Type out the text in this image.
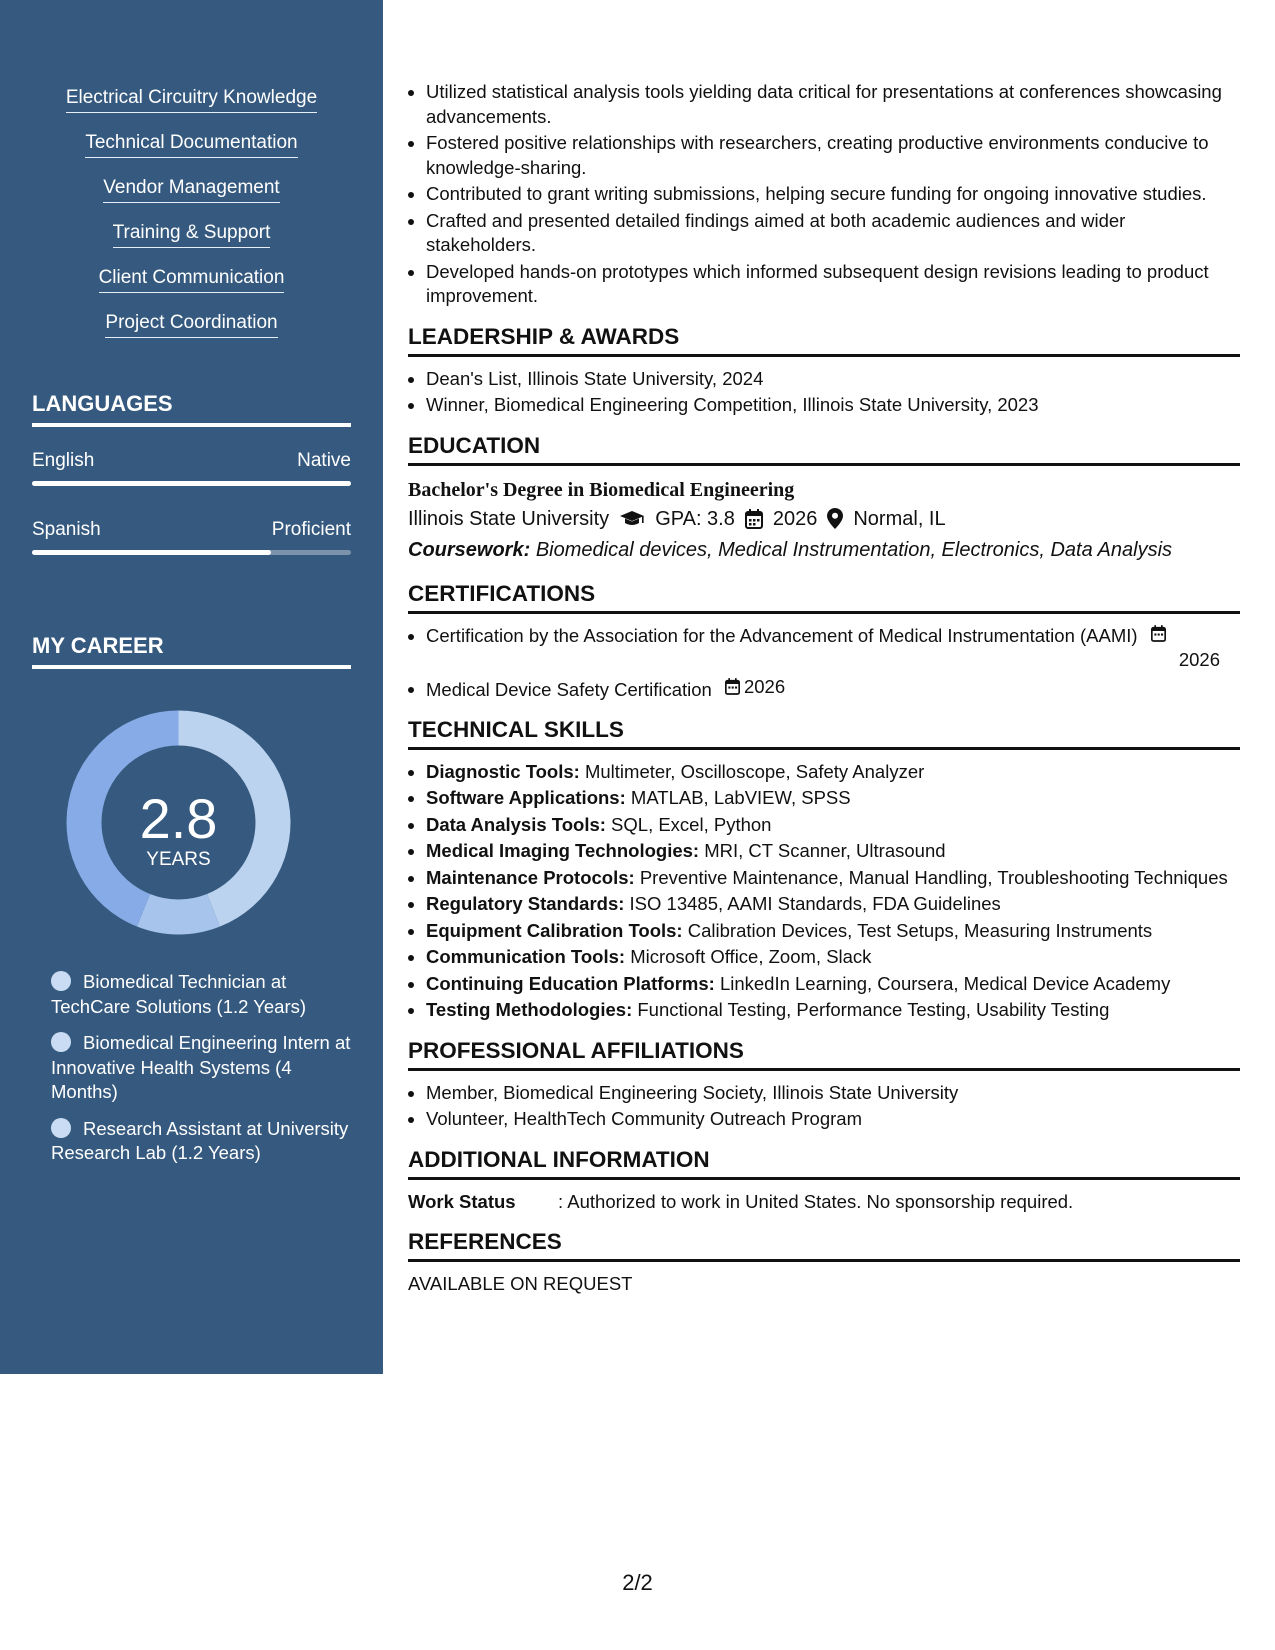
Electrical Circuitry Knowledge
Technical Documentation
Vendor Management
Training & Support
Client Communication
Project Coordination
LANGUAGES
English	Native
Spanish	Proficient
MY CAREER
2.8
YEARS
Biomedical Technician at TechCare Solutions (1.2 Years)
Biomedical Engineering Intern at Innovative Health Systems (4 Months)
Research Assistant at University Research Lab (1.2 Years)
• Utilized statistical analysis tools yielding data critical for presentations at conferences showcasing advancements.
• Fostered positive relationships with researchers, creating productive environments conducive to knowledge-sharing.
• Contributed to grant writing submissions, helping secure funding for ongoing innovative studies.
• Crafted and presented detailed findings aimed at both academic audiences and wider stakeholders.
• Developed hands-on prototypes which informed subsequent design revisions leading to product improvement.
LEADERSHIP & AWARDS
• Dean's List, Illinois State University, 2024
• Winner, Biomedical Engineering Competition, Illinois State University, 2023
EDUCATION
Bachelor's Degree in Biomedical Engineering
Illinois State University GPA: 3.8 2026 Normal, IL
Coursework: Biomedical devices, Medical Instrumentation, Electronics, Data Analysis
CERTIFICATIONS
• Certification by the Association for the Advancement of Medical Instrumentation (AAMI)
2026
• Medical Device Safety Certification 2026
TECHNICAL SKILLS
• Diagnostic Tools: Multimeter, Oscilloscope, Safety Analyzer
• Software Applications: MATLAB, LabVIEW, SPSS
• Data Analysis Tools: SQL, Excel, Python
• Medical Imaging Technologies: MRI, CT Scanner, Ultrasound
• Maintenance Protocols: Preventive Maintenance, Manual Handling, Troubleshooting Techniques
• Regulatory Standards: ISO 13485, AAMI Standards, FDA Guidelines
• Equipment Calibration Tools: Calibration Devices, Test Setups, Measuring Instruments
• Communication Tools: Microsoft Office, Zoom, Slack
• Continuing Education Platforms: LinkedIn Learning, Coursera, Medical Device Academy
• Testing Methodologies: Functional Testing, Performance Testing, Usability Testing
PROFESSIONAL AFFILIATIONS
• Member, Biomedical Engineering Society, Illinois State University
• Volunteer, HealthTech Community Outreach Program
ADDITIONAL INFORMATION
Work Status	: Authorized to work in United States. No sponsorship required.
REFERENCES
AVAILABLE ON REQUEST
2/2
